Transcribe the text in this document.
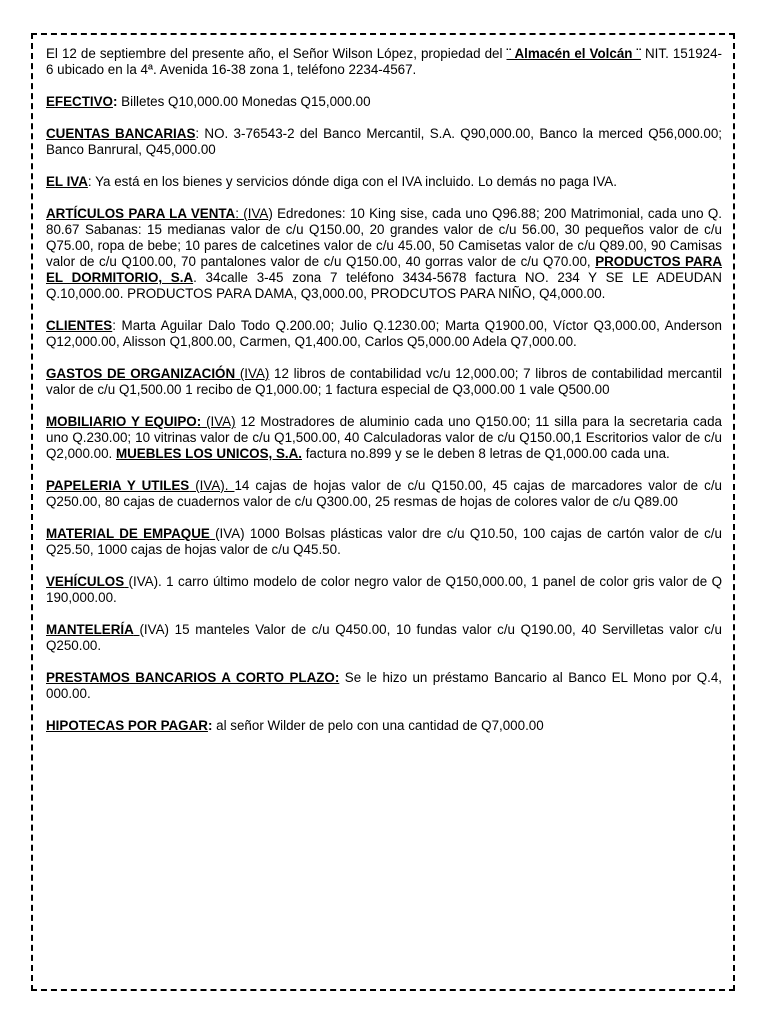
El 12 de septiembre del presente año, el Señor Wilson López, propiedad del ¨ Almacén el Volcán ¨ NIT. 151924-6 ubicado en la 4ª. Avenida 16-38 zona 1, teléfono 2234-4567.

EFECTIVO: Billetes Q10,000.00 Monedas Q15,000.00

CUENTAS BANCARIAS: NO. 3-76543-2 del Banco Mercantil, S.A. Q90,000.00, Banco la merced Q56,000.00; Banco Banrural, Q45,000.00

EL IVA: Ya está en los bienes y servicios dónde diga con el IVA incluido. Lo demás no paga IVA.

ARTÍCULOS PARA LA VENTA: (IVA) Edredones: 10 King sise, cada uno Q96.88; 200 Matrimonial, cada uno Q. 80.67 Sabanas: 15 medianas valor de c/u Q150.00, 20 grandes valor de c/u 56.00, 30 pequeños valor de c/u Q75.00, ropa de bebe; 10 pares de calcetines valor de c/u 45.00, 50 Camisetas valor de c/u Q89.00, 90 Camisas valor de c/u Q100.00, 70 pantalones valor de c/u Q150.00, 40 gorras valor de c/u Q70.00, PRODUCTOS PARA EL DORMITORIO, S.A. 34calle 3-45 zona 7 teléfono 3434-5678 factura NO. 234 Y SE LE ADEUDAN Q.10,000.00. PRODUCTOS PARA DAMA, Q3,000.00, PRODCUTOS PARA NIÑO, Q4,000.00.

CLIENTES: Marta Aguilar Dalo Todo Q.200.00; Julio Q.1230.00; Marta Q1900.00, Víctor Q3,000.00, Anderson Q12,000.00, Alisson Q1,800.00, Carmen, Q1,400.00, Carlos Q5,000.00 Adela Q7,000.00.

GASTOS DE ORGANIZACIÓN (IVA) 12 libros de contabilidad vc/u 12,000.00; 7 libros de contabilidad mercantil valor de c/u Q1,500.00 1 recibo de Q1,000.00; 1 factura especial de Q3,000.00 1 vale Q500.00

MOBILIARIO Y EQUIPO: (IVA) 12 Mostradores de aluminio cada uno Q150.00; 11 silla para la secretaria cada uno Q.230.00; 10 vitrinas valor de c/u Q1,500.00, 40 Calculadoras valor de c/u Q150.00,1 Escritorios valor de c/u Q2,000.00. MUEBLES LOS UNICOS, S.A. factura no.899 y se le deben 8 letras de Q1,000.00 cada una.

PAPELERIA Y UTILES (IVA). 14 cajas de hojas valor de c/u Q150.00, 45 cajas de marcadores valor de c/u Q250.00, 80 cajas de cuadernos valor de c/u Q300.00, 25 resmas de hojas de colores valor de c/u Q89.00

MATERIAL DE EMPAQUE (IVA) 1000 Bolsas plásticas valor dre c/u Q10.50, 100 cajas de cartón valor de c/u Q25.50, 1000 cajas de hojas valor de c/u Q45.50.

VEHÍCULOS (IVA). 1 carro último modelo de color negro valor de Q150,000.00, 1 panel de color gris valor de Q 190,000.00.

MANTELERÍA (IVA) 15 manteles Valor de c/u Q450.00, 10 fundas valor c/u Q190.00, 40 Servilletas valor c/u Q250.00.

PRESTAMOS BANCARIOS A CORTO PLAZO: Se le hizo un préstamo Bancario al Banco EL Mono por Q.4, 000.00.

HIPOTECAS POR PAGAR: al señor Wilder de pelo con una cantidad de Q7,000.00
